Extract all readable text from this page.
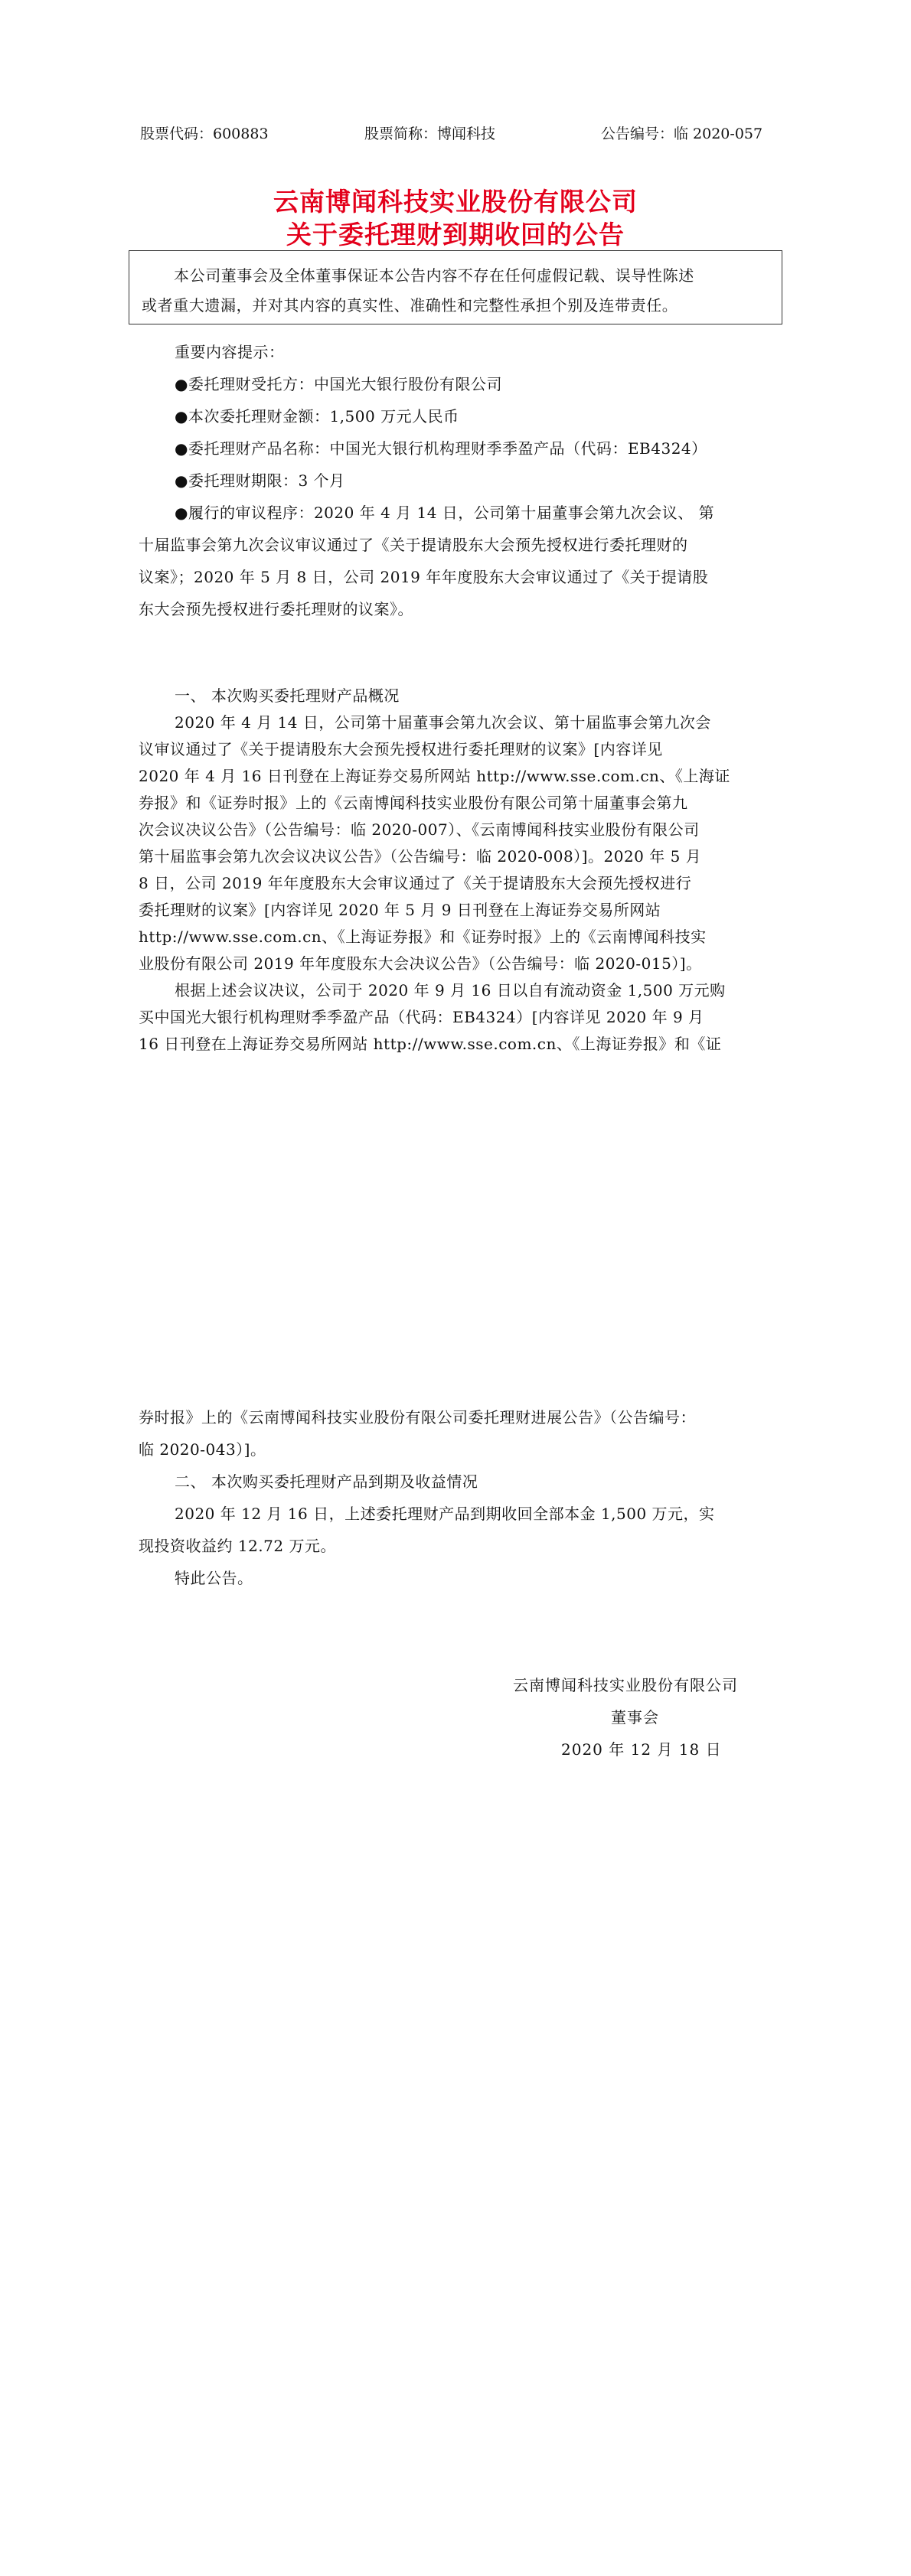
股票代码：600883	股票简称：博闻科技	公告编号：临 2020-057
云南博闻科技实业股份有限公司
关于委托理财到期收回的公告
本公司董事会及全体董事保证本公告内容不存在任何虚假记载、误导性陈述
或者重大遗漏，并对其内容的真实性、准确性和完整性承担个别及连带责任。
重要内容提示：
●委托理财受托方：中国光大银行股份有限公司
●本次委托理财金额：1,500 万元人民币
●委托理财产品名称：中国光大银行机构理财季季盈产品（代码：EB4324）
●委托理财期限：3 个月
●履行的审议程序：2020 年 4 月 14 日，公司第十届董事会第九次会议、 第
十届监事会第九次会议审议通过了《关于提请股东大会预先授权进行委托理财的
议案》；2020 年 5 月 8 日，公司 2019 年年度股东大会审议通过了《关于提请股
东大会预先授权进行委托理财的议案》。
一、 本次购买委托理财产品概况
2020 年 4 月 14 日，公司第十届董事会第九次会议、第十届监事会第九次会
议审议通过了《关于提请股东大会预先授权进行委托理财的议案》[内容详见
2020 年 4 月 16 日刊登在上海证券交易所网站 http://www.sse.com.cn、《上海证
券报》和《证券时报》上的《云南博闻科技实业股份有限公司第十届董事会第九
次会议决议公告》（公告编号：临 2020-007）、《云南博闻科技实业股份有限公司
第十届监事会第九次会议决议公告》（公告编号：临 2020-008）]。2020 年 5 月
8 日，公司 2019 年年度股东大会审议通过了《关于提请股东大会预先授权进行
委托理财的议案》[内容详见 2020 年 5 月 9 日刊登在上海证券交易所网站
http://www.sse.com.cn、《上海证券报》和《证券时报》上的《云南博闻科技实
业股份有限公司 2019 年年度股东大会决议公告》（公告编号：临 2020-015）]。
根据上述会议决议，公司于 2020 年 9 月 16 日以自有流动资金 1,500 万元购
买中国光大银行机构理财季季盈产品（代码：EB4324）[内容详见 2020 年 9 月
16 日刊登在上海证券交易所网站 http://www.sse.com.cn、《上海证券报》和《证
券时报》上的《云南博闻科技实业股份有限公司委托理财进展公告》（公告编号：
临 2020-043）]。
二、 本次购买委托理财产品到期及收益情况
2020 年 12 月 16 日，上述委托理财产品到期收回全部本金 1,500 万元，实
现投资收益约 12.72 万元。
特此公告。
云南博闻科技实业股份有限公司
董事会
2020 年 12 月 18 日
